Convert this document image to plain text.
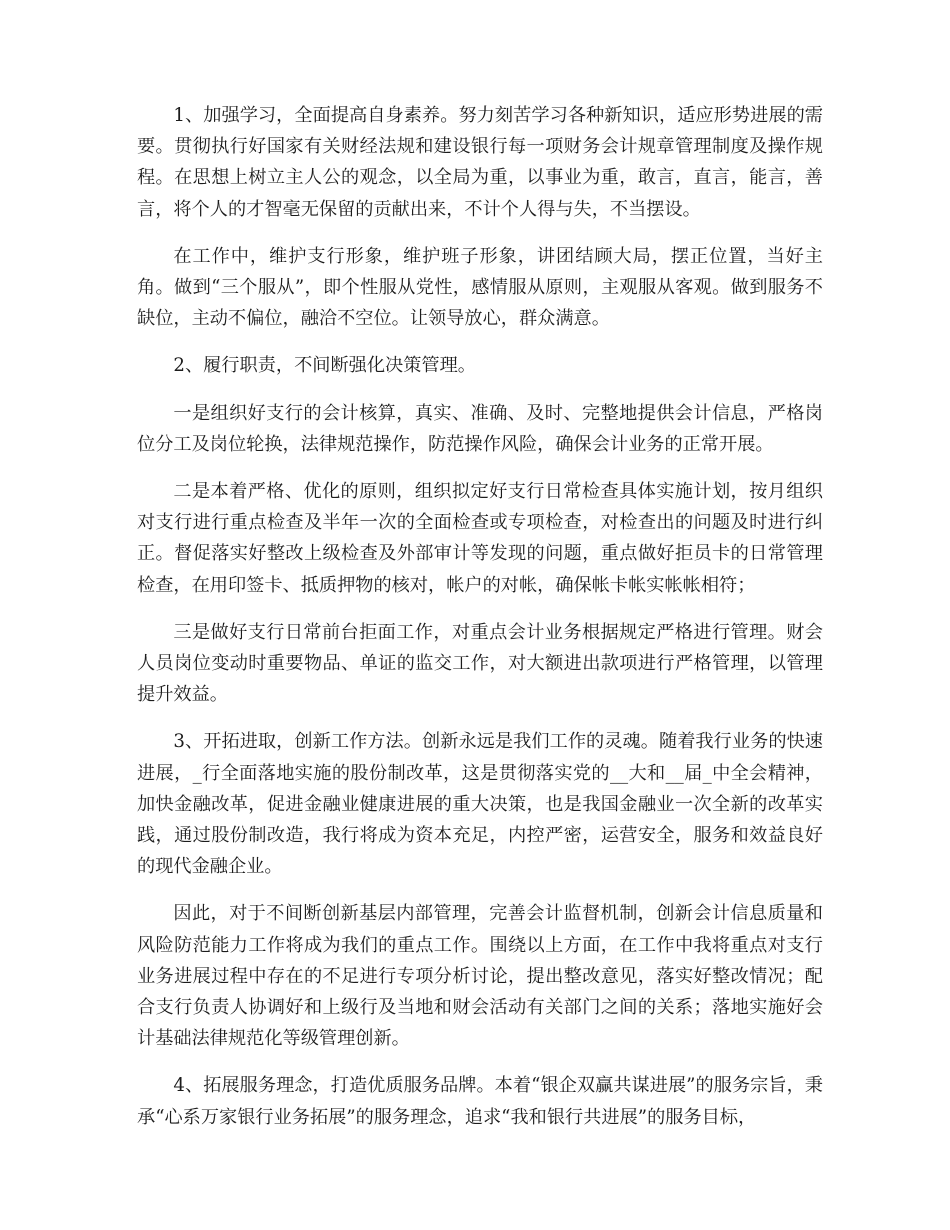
1、加强学习，全面提高自身素养。努力刻苦学习各种新知识，适应形势进展的需要。贯彻执行好国家有关财经法规和建设银行每一项财务会计规章管理制度及操作规程。在思想上树立主人公的观念，以全局为重，以事业为重，敢言，直言，能言，善言，将个人的才智毫无保留的贡献出来，不计个人得与失，不当摆设。

在工作中，维护支行形象，维护班子形象，讲团结顾大局，摆正位置，当好主角。做到“三个服从”，即个性服从党性，感情服从原则，主观服从客观。做到服务不缺位，主动不偏位，融洽不空位。让领导放心，群众满意。

2、履行职责，不间断强化决策管理。

一是组织好支行的会计核算，真实、准确、及时、完整地提供会计信息，严格岗位分工及岗位轮换，法律规范操作，防范操作风险，确保会计业务的正常开展。

二是本着严格、优化的原则，组织拟定好支行日常检查具体实施计划，按月组织对支行进行重点检查及半年一次的全面检查或专项检查，对检查出的问题及时进行纠正。督促落实好整改上级检查及外部审计等发现的问题，重点做好拒员卡的日常管理检查，在用印签卡、抵质押物的核对，帐户的对帐，确保帐卡帐实帐帐相符；

三是做好支行日常前台拒面工作，对重点会计业务根据规定严格进行管理。财会人员岗位变动时重要物品、单证的监交工作，对大额进出款项进行严格管理，以管理提升效益。

3、开拓进取，创新工作方法。创新永远是我们工作的灵魂。随着我行业务的快速进展，_行全面落地实施的股份制改革，这是贯彻落实党的__大和__届_中全会精神，加快金融改革，促进金融业健康进展的重大决策，也是我国金融业一次全新的改革实践，通过股份制改造，我行将成为资本充足，内控严密，运营安全，服务和效益良好的现代金融企业。

因此，对于不间断创新基层内部管理，完善会计监督机制，创新会计信息质量和风险防范能力工作将成为我们的重点工作。围绕以上方面，在工作中我将重点对支行业务进展过程中存在的不足进行专项分析讨论，提出整改意见，落实好整改情况；配合支行负责人协调好和上级行及当地和财会活动有关部门之间的关系；落地实施好会计基础法律规范化等级管理创新。

4、拓展服务理念，打造优质服务品牌。本着“银企双赢共谋进展”的服务宗旨，秉承“心系万家银行业务拓展”的服务理念，追求“我和银行共进展”的服务目标，
